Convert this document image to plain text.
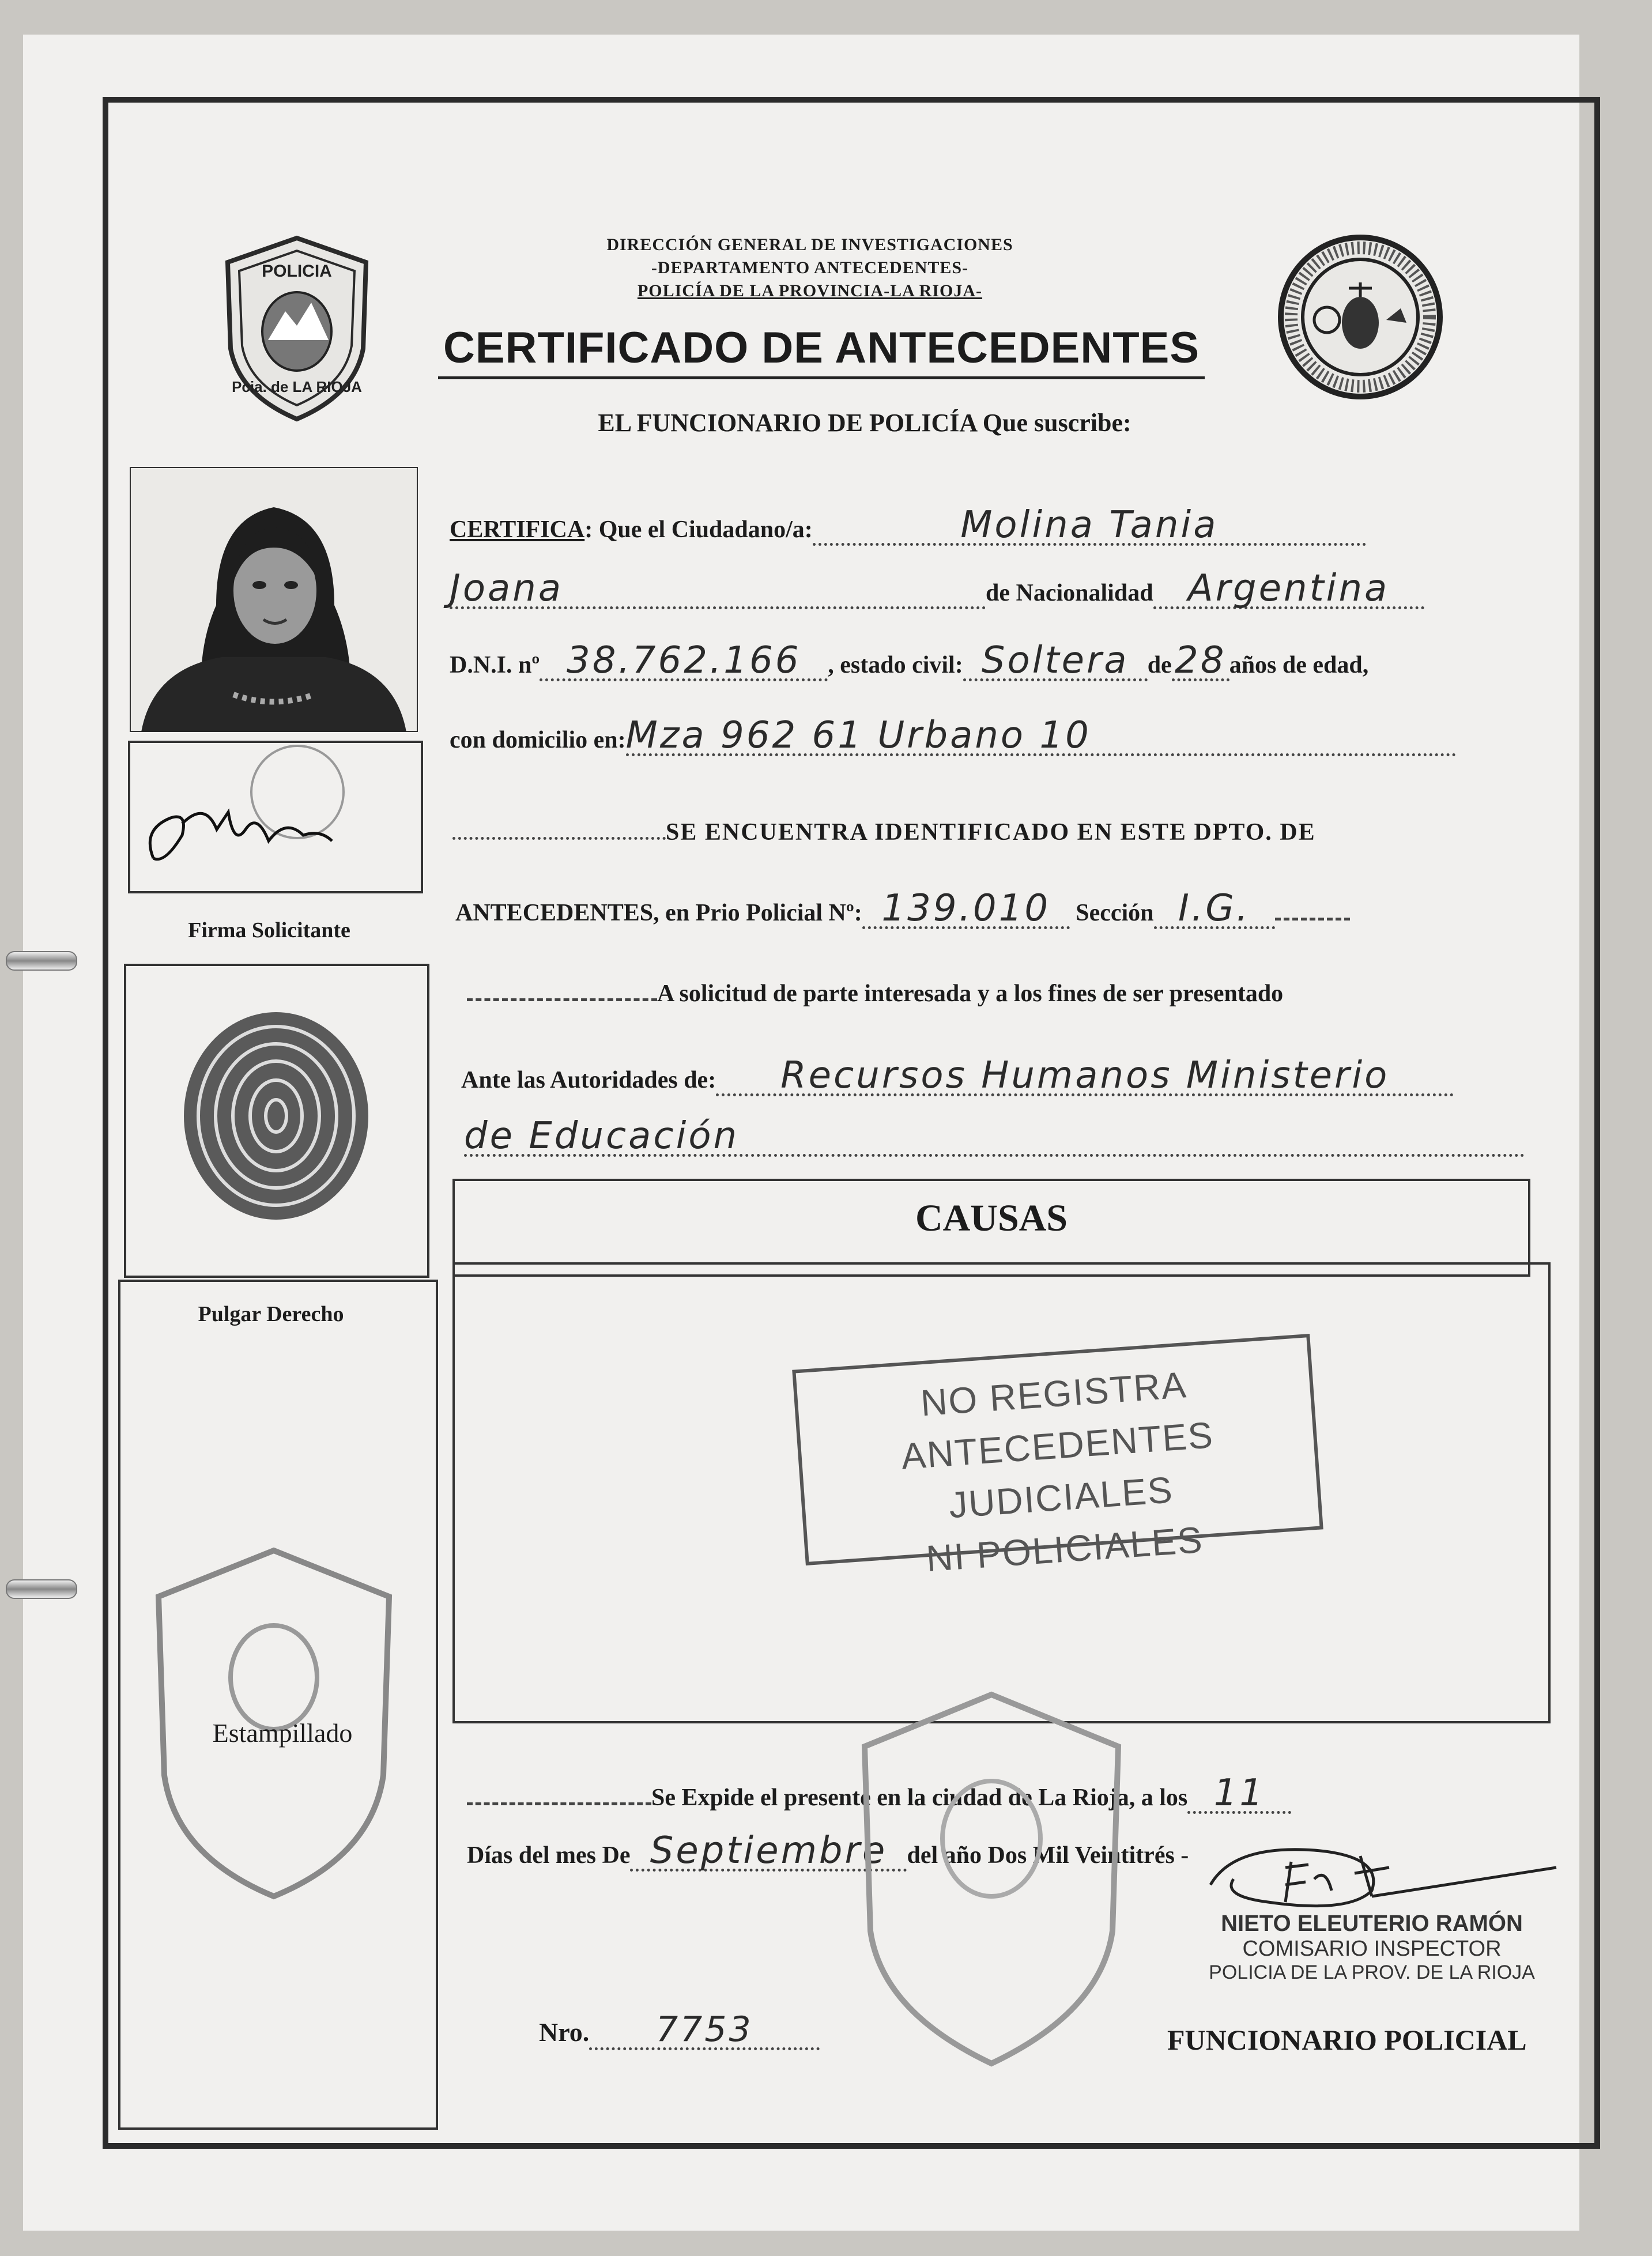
POLICIA
Pcia. de LA RIOJA
DIRECCIÓN GENERAL DE INVESTIGACIONES
-DEPARTAMENTO ANTECEDENTES-
POLICÍA DE LA PROVINCIA-LA RIOJA-
CERTIFICADO DE ANTECEDENTES
EL FUNCIONARIO DE POLICÍA Que suscribe:
Firma Solicitante
Pulgar Derecho
Estampillado
CERTIFICA: Que el Ciudadano/a:	Molina Tania
Joana	de Nacionalidad Argentina
D.N.I. nº 38.762.166 , estado civil: Soltera de28 años de edad,
con domicilio en:Mza 962 61 Urbano 10
SE ENCUENTRA IDENTIFICADO EN ESTE DPTO. DE
ANTECEDENTES, en Prio Policial Nº: 139.010 Sección I.G.
A solicitud de parte interesada y a los fines de ser presentado
Ante las Autoridades de: Recursos Humanos Ministerio
de Educación
CAUSAS
NO REGISTRA
ANTECEDENTES JUDICIALES
NI POLICIALES
Se Expide el presente en la ciudad de La Rioja, a los 11
Días del mes De Septiembre del año Dos Mil Veintitrés -
NIETO ELEUTERIO RAMÓN
COMISARIO INSPECTOR
POLICIA DE LA PROV. DE LA RIOJA
FUNCIONARIO POLICIAL
Nro. 7753
